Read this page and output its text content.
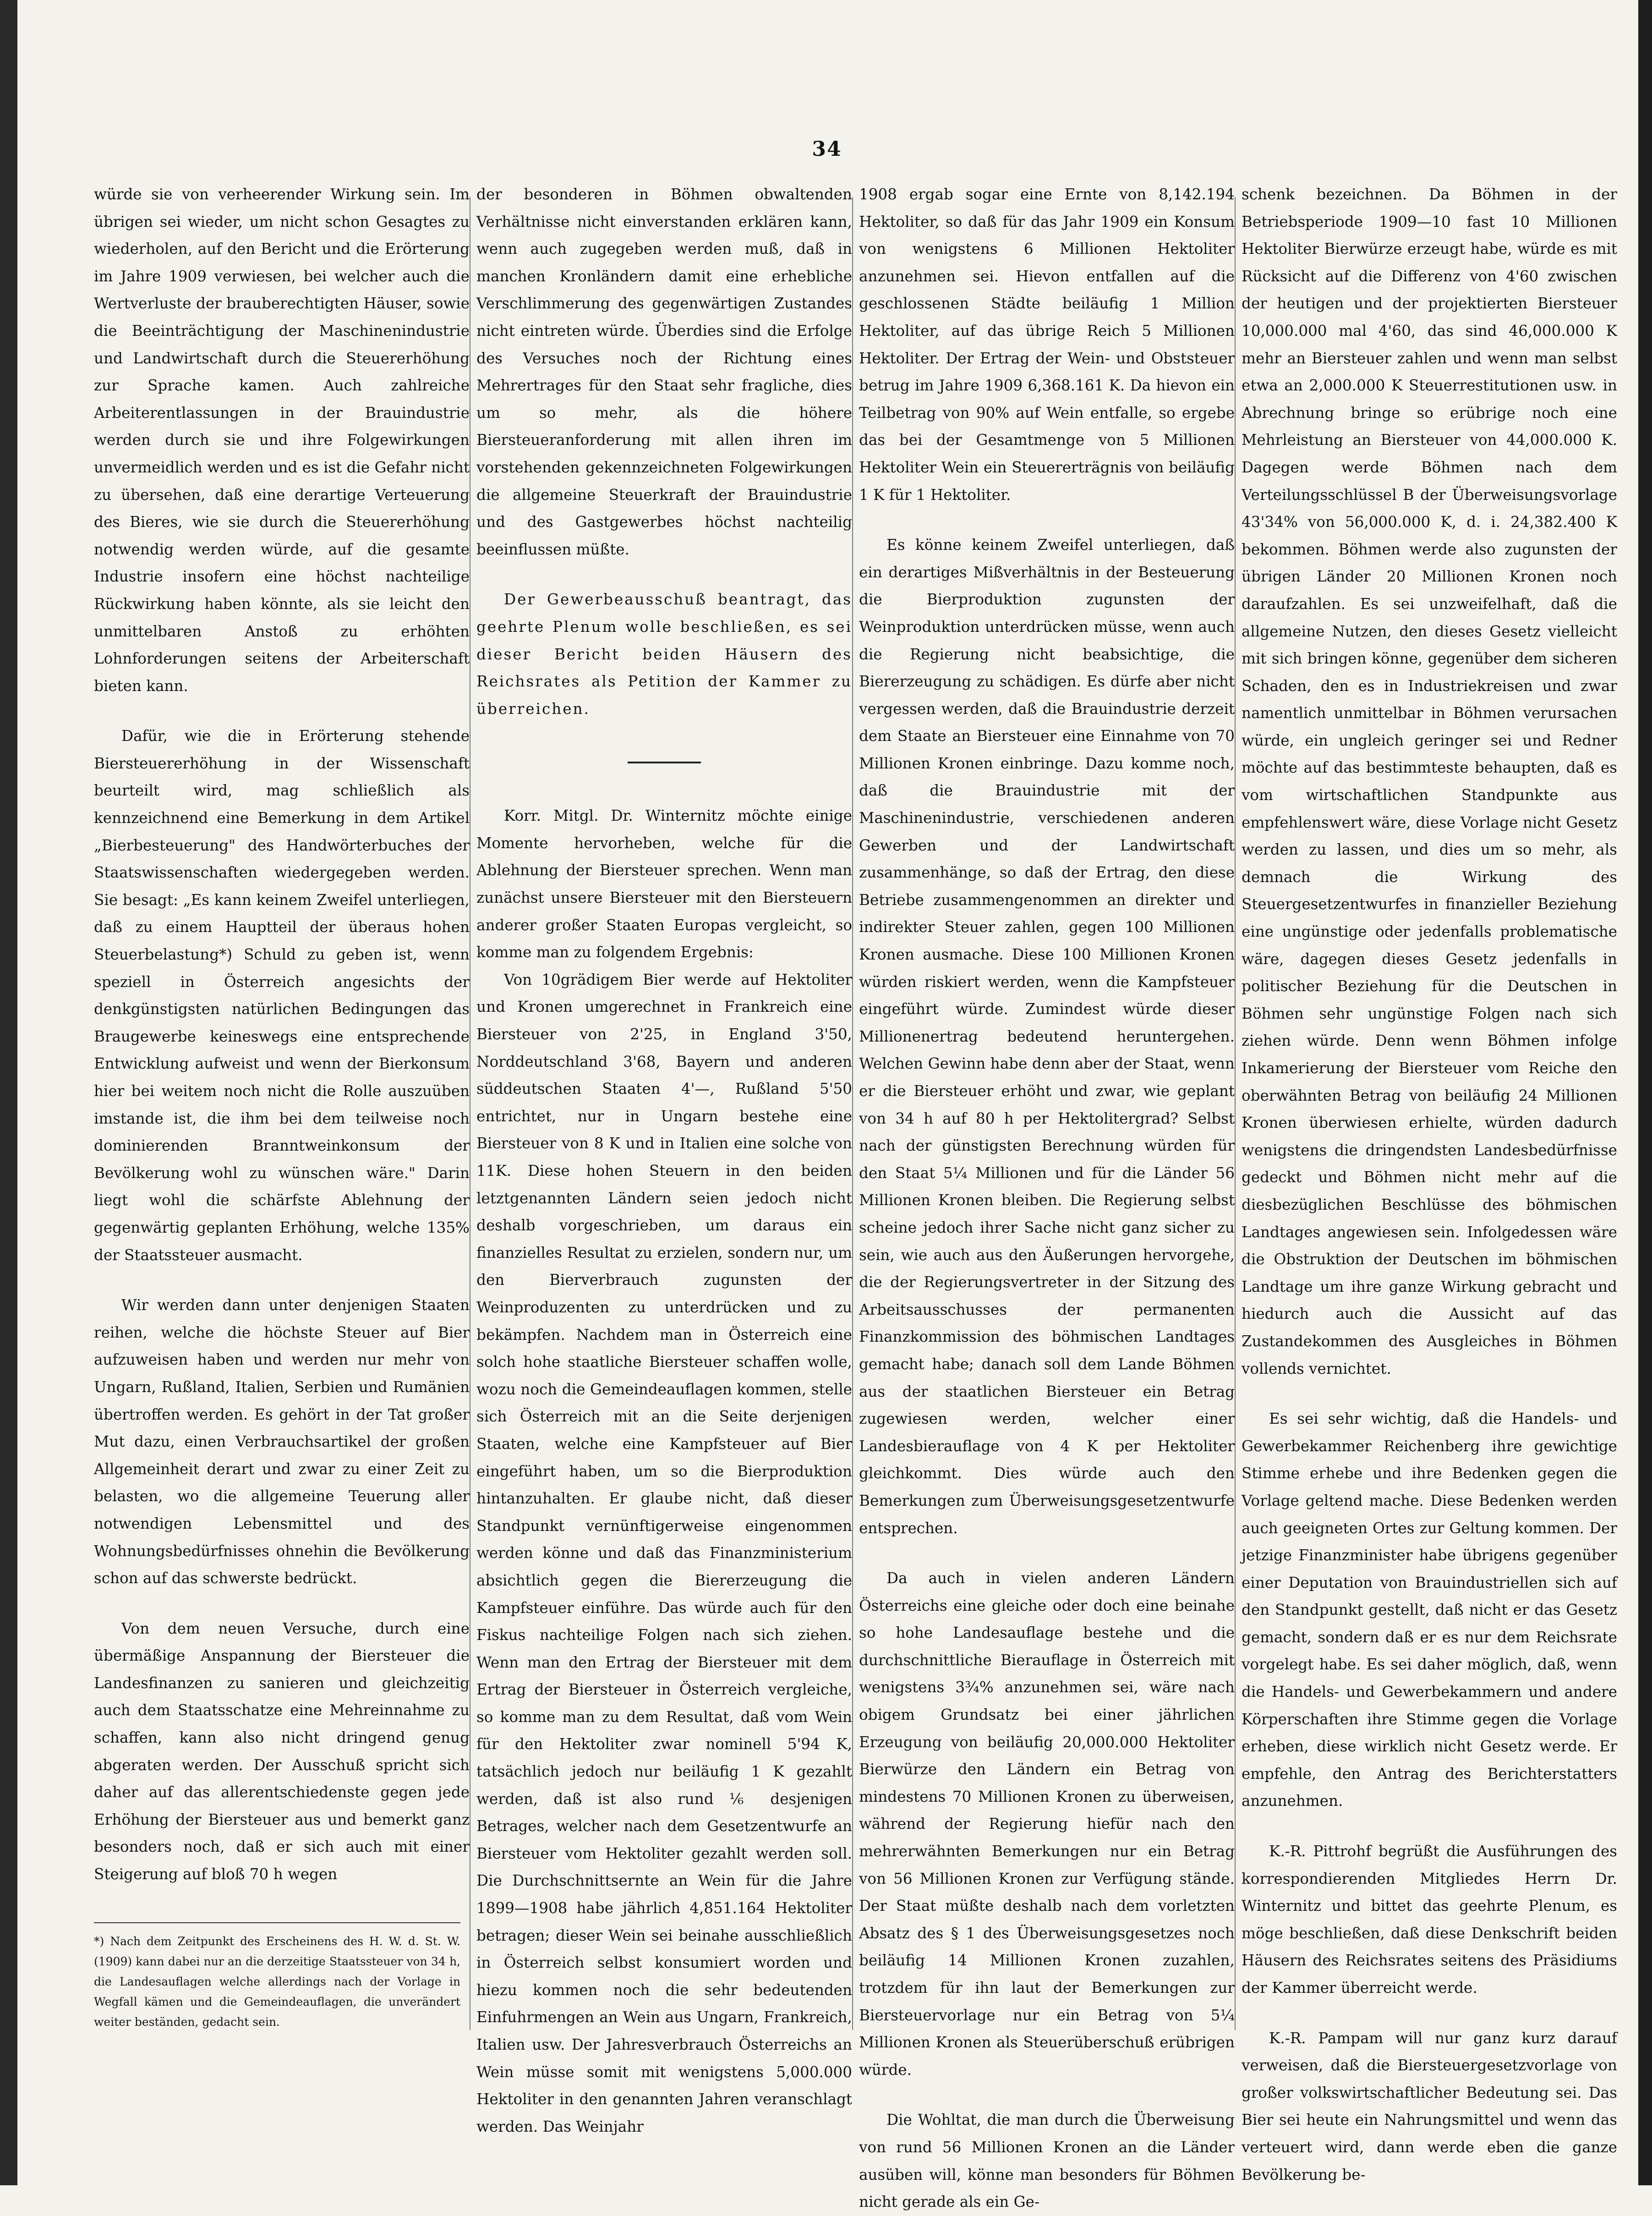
34

würde sie von verheerender Wirkung sein. Im übrigen sei wieder, um nicht schon Gesagtes zu wiederholen, auf den Bericht und die Erörterung im Jahre 1909 verwiesen, bei welcher auch die Wertverluste der brauberechtigten Häuser, sowie die Beeinträchtigung der Maschinenindustrie und Landwirtschaft durch die Steuererhöhung zur Sprache kamen. Auch zahlreiche Arbeiterentlassungen in der Brauindustrie werden durch sie und ihre Folgewirkungen unvermeidlich werden und es ist die Gefahr nicht zu übersehen, daß eine derartige Verteuerung des Bieres, wie sie durch die Steuererhöhung notwendig werden würde, auf die gesamte Industrie insofern eine höchst nachteilige Rückwirkung haben könnte, als sie leicht den unmittelbaren Anstoß zu erhöhten Lohnforderungen seitens der Arbeiterschaft bieten kann.

Dafür, wie die in Erörterung stehende Biersteuererhöhung in der Wissenschaft beurteilt wird, mag schließlich als kennzeichnend eine Bemerkung in dem Artikel „Bierbesteuerung" des Handwörterbuches der Staatswissenschaften wiedergegeben werden. Sie besagt: „Es kann keinem Zweifel unterliegen, daß zu einem Hauptteil der überaus hohen Steuerbelastung*) Schuld zu geben ist, wenn speziell in Österreich angesichts der denkgünstigsten natürlichen Bedingungen das Braugewerbe keineswegs eine entsprechende Entwicklung aufweist und wenn der Bierkonsum hier bei weitem noch nicht die Rolle auszuüben imstande ist, die ihm bei dem teilweise noch dominierenden Branntweinkonsum der Bevölkerung wohl zu wünschen wäre." Darin liegt wohl die schärfste Ablehnung der gegenwärtig geplanten Erhöhung, welche 135% der Staatssteuer ausmacht.

Wir werden dann unter denjenigen Staaten reihen, welche die höchste Steuer auf Bier aufzuweisen haben und werden nur mehr von Ungarn, Rußland, Italien, Serbien und Rumänien übertroffen werden. Es gehört in der Tat großer Mut dazu, einen Verbrauchsartikel der großen Allgemeinheit derart und zwar zu einer Zeit zu belasten, wo die allgemeine Teuerung aller notwendigen Lebensmittel und des Wohnungsbedürfnisses ohnehin die Bevölkerung schon auf das schwerste bedrückt.

Von dem neuen Versuche, durch eine übermäßige Anspannung der Biersteuer die Landesfinanzen zu sanieren und gleichzeitig auch dem Staatsschatze eine Mehreinnahme zu schaffen, kann also nicht dringend genug abgeraten werden. Der Ausschuß spricht sich daher auf das allerentschiedenste gegen jede Erhöhung der Biersteuer aus und bemerkt ganz besonders noch, daß er sich auch mit einer Steigerung auf bloß 70 h wegen

der besonderen in Böhmen obwaltenden Verhältnisse nicht einverstanden erklären kann, wenn auch zugegeben werden muß, daß in manchen Kronländern damit eine erhebliche Verschlimmerung des gegenwärtigen Zustandes nicht eintreten würde. Überdies sind die Erfolge des Versuches noch der Richtung eines Mehrertrages für den Staat sehr fragliche, dies um so mehr, als die höhere Biersteueranforderung mit allen ihren im vorstehenden gekennzeichneten Folgewirkungen die allgemeine Steuerkraft der Brauindustrie und des Gastgewerbes höchst nachteilig beeinflussen müßte.

Der Gewerbeausschuß beantragt, das geehrte Plenum wolle beschließen, es sei dieser Bericht beiden Häusern des Reichsrates als Petition der Kammer zu überreichen.

Korr. Mitgl. Dr. Winternitz möchte einige Momente hervorheben, welche für die Ablehnung der Biersteuer sprechen. Wenn man zunächst unsere Biersteuer mit den Biersteuern anderer großer Staaten Europas vergleicht, so komme man zu folgendem Ergebnis:

Von 10grädigem Bier werde auf Hektoliter und Kronen umgerechnet in Frankreich eine Biersteuer von 2'25, in England 3'50, Norddeutschland 3'68, Bayern und anderen süddeutschen Staaten 4'—, Rußland 5'50 entrichtet, nur in Ungarn bestehe eine Biersteuer von 8 K und in Italien eine solche von 11K. Diese hohen Steuern in den beiden letztgenannten Ländern seien jedoch nicht deshalb vorgeschrieben, um daraus ein finanzielles Resultat zu erzielen, sondern nur, um den Bierverbrauch zugunsten der Weinproduzenten zu unterdrücken und zu bekämpfen. Nachdem man in Österreich eine solch hohe staatliche Biersteuer schaffen wolle, wozu noch die Gemeindeauflagen kommen, stelle sich Österreich mit an die Seite derjenigen Staaten, welche eine Kampfsteuer auf Bier eingeführt haben, um so die Bierproduktion hintanzuhalten. Er glaube nicht, daß dieser Standpunkt vernünftigerweise eingenommen werden könne und daß das Finanzministerium absichtlich gegen die Biererzeugung die Kampfsteuer einführe. Das würde auch für den Fiskus nachteilige Folgen nach sich ziehen. Wenn man den Ertrag der Biersteuer mit dem Ertrag der Biersteuer in Österreich vergleiche, so komme man zu dem Resultat, daß vom Wein für den Hektoliter zwar nominell 5'94 K, tatsächlich jedoch nur beiläufig 1 K gezahlt werden, daß ist also rund ⅙ desjenigen Betrages, welcher nach dem Gesetzentwurfe an Biersteuer vom Hektoliter gezahlt werden soll. Die Durchschnittsernte an Wein für die Jahre 1899—1908 habe jährlich 4,851.164 Hektoliter betragen; dieser Wein sei beinahe ausschließlich in Österreich selbst konsumiert worden und hiezu kommen noch die sehr bedeutenden Einfuhrmengen an Wein aus Ungarn, Frankreich, Italien usw. Der Jahresverbrauch Österreichs an Wein müsse somit mit wenigstens 5,000.000 Hektoliter in den genannten Jahren veranschlagt werden. Das Weinjahr

1908 ergab sogar eine Ernte von 8,142.194 Hektoliter, so daß für das Jahr 1909 ein Konsum von wenigstens 6 Millionen Hektoliter anzunehmen sei. Hievon entfallen auf die geschlossenen Städte beiläufig 1 Million Hektoliter, auf das übrige Reich 5 Millionen Hektoliter. Der Ertrag der Wein- und Obststeuer betrug im Jahre 1909 6,368.161 K. Da hievon ein Teilbetrag von 90% auf Wein entfalle, so ergebe das bei der Gesamtmenge von 5 Millionen Hektoliter Wein ein Steuererträgnis von beiläufig 1 K für 1 Hektoliter.

Es könne keinem Zweifel unterliegen, daß ein derartiges Mißverhältnis in der Besteuerung die Bierproduktion zugunsten der Weinproduktion unterdrücken müsse, wenn auch die Regierung nicht beabsichtige, die Biererzeugung zu schädigen. Es dürfe aber nicht vergessen werden, daß die Brauindustrie derzeit dem Staate an Biersteuer eine Einnahme von 70 Millionen Kronen einbringe. Dazu komme noch, daß die Brauindustrie mit der Maschinenindustrie, verschiedenen anderen Gewerben und der Landwirtschaft zusammenhänge, so daß der Ertrag, den diese Betriebe zusammengenommen an direkter und indirekter Steuer zahlen, gegen 100 Millionen Kronen ausmache. Diese 100 Millionen Kronen würden riskiert werden, wenn die Kampfsteuer eingeführt würde. Zumindest würde dieser Millionenertrag bedeutend heruntergehen. Welchen Gewinn habe denn aber der Staat, wenn er die Biersteuer erhöht und zwar, wie geplant von 34 h auf 80 h per Hektolitergrad? Selbst nach der günstigsten Berechnung würden für den Staat 5¼ Millionen und für die Länder 56 Millionen Kronen bleiben. Die Regierung selbst scheine jedoch ihrer Sache nicht ganz sicher zu sein, wie auch aus den Äußerungen hervorgehe, die der Regierungsvertreter in der Sitzung des Arbeitsausschusses der permanenten Finanzkommission des böhmischen Landtages gemacht habe; danach soll dem Lande Böhmen aus der staatlichen Biersteuer ein Betrag zugewiesen werden, welcher einer Landesbierauflage von 4 K per Hektoliter gleichkommt. Dies würde auch den Bemerkungen zum Überweisungsgesetzentwurfe entsprechen.

Da auch in vielen anderen Ländern Österreichs eine gleiche oder doch eine beinahe so hohe Landesauflage bestehe und die durchschnittliche Bierauflage in Österreich mit wenigstens 3¾% anzunehmen sei, wäre nach obigem Grundsatz bei einer jährlichen Erzeugung von beiläufig 20,000.000 Hektoliter Bierwürze den Ländern ein Betrag von mindestens 70 Millionen Kronen zu überweisen, während der Regierung hiefür nach den mehrerwähnten Bemerkungen nur ein Betrag von 56 Millionen Kronen zur Verfügung stände. Der Staat müßte deshalb nach dem vorletzten Absatz des § 1 des Überweisungsgesetzes noch beiläufig 14 Millionen Kronen zuzahlen, trotzdem für ihn laut der Bemerkungen zur Biersteuervorlage nur ein Betrag von 5¼ Millionen Kronen als Steuerüberschuß erübrigen würde.

Die Wohltat, die man durch die Überweisung von rund 56 Millionen Kronen an die Länder ausüben will, könne man besonders für Böhmen nicht gerade als ein Ge-

schenk bezeichnen. Da Böhmen in der Betriebsperiode 1909—10 fast 10 Millionen Hektoliter Bierwürze erzeugt habe, würde es mit Rücksicht auf die Differenz von 4'60 zwischen der heutigen und der projektierten Biersteuer 10,000.000 mal 4'60, das sind 46,000.000 K mehr an Biersteuer zahlen und wenn man selbst etwa an 2,000.000 K Steuerrestitutionen usw. in Abrechnung bringe so erübrige noch eine Mehrleistung an Biersteuer von 44,000.000 K. Dagegen werde Böhmen nach dem Verteilungsschlüssel B der Überweisungsvorlage 43'34% von 56,000.000 K, d. i. 24,382.400 K bekommen. Böhmen werde also zugunsten der übrigen Länder 20 Millionen Kronen noch daraufzahlen. Es sei unzweifelhaft, daß die allgemeine Nutzen, den dieses Gesetz vielleicht mit sich bringen könne, gegenüber dem sicheren Schaden, den es in Industriekreisen und zwar namentlich unmittelbar in Böhmen verursachen würde, ein ungleich geringer sei und Redner möchte auf das bestimmteste behaupten, daß es vom wirtschaftlichen Standpunkte aus empfehlenswert wäre, diese Vorlage nicht Gesetz werden zu lassen, und dies um so mehr, als demnach die Wirkung des Steuergesetzentwurfes in finanzieller Beziehung eine ungünstige oder jedenfalls problematische wäre, dagegen dieses Gesetz jedenfalls in politischer Beziehung für die Deutschen in Böhmen sehr ungünstige Folgen nach sich ziehen würde. Denn wenn Böhmen infolge Inkamerierung der Biersteuer vom Reiche den oberwähnten Betrag von beiläufig 24 Millionen Kronen überwiesen erhielte, würden dadurch wenigstens die dringendsten Landesbedürfnisse gedeckt und Böhmen nicht mehr auf die diesbezüglichen Beschlüsse des böhmischen Landtages angewiesen sein. Infolgedessen wäre die Obstruktion der Deutschen im böhmischen Landtage um ihre ganze Wirkung gebracht und hiedurch auch die Aussicht auf das Zustandekommen des Ausgleiches in Böhmen vollends vernichtet.

Es sei sehr wichtig, daß die Handels- und Gewerbekammer Reichenberg ihre gewichtige Stimme erhebe und ihre Bedenken gegen die Vorlage geltend mache. Diese Bedenken werden auch geeigneten Ortes zur Geltung kommen. Der jetzige Finanzminister habe übrigens gegenüber einer Deputation von Brauindustriellen sich auf den Standpunkt gestellt, daß nicht er das Gesetz gemacht, sondern daß er es nur dem Reichsrate vorgelegt habe. Es sei daher möglich, daß, wenn die Handels- und Gewerbekammern und andere Körperschaften ihre Stimme gegen die Vorlage erheben, diese wirklich nicht Gesetz werde. Er empfehle, den Antrag des Berichterstatters anzunehmen.

K.-R. Pittrohf begrüßt die Ausführungen des korrespondierenden Mitgliedes Herrn Dr. Winternitz und bittet das geehrte Plenum, es möge beschließen, daß diese Denkschrift beiden Häusern des Reichsrates seitens des Präsidiums der Kammer überreicht werde.

K.-R. Pampam will nur ganz kurz darauf verweisen, daß die Biersteuergesetzvorlage von großer volkswirtschaftlicher Bedeutung sei. Das Bier sei heute ein Nahrungsmittel und wenn das verteuert wird, dann werde eben die ganze Bevölkerung be-

*) Nach dem Zeitpunkt des Erscheinens des H. W. d. St. W. (1909) kann dabei nur an die derzeitige Staatssteuer von 34 h, die Landesauflagen welche allerdings nach der Vorlage in Wegfall kämen und die Gemeindeauflagen, die unverändert weiter beständen, gedacht sein.
